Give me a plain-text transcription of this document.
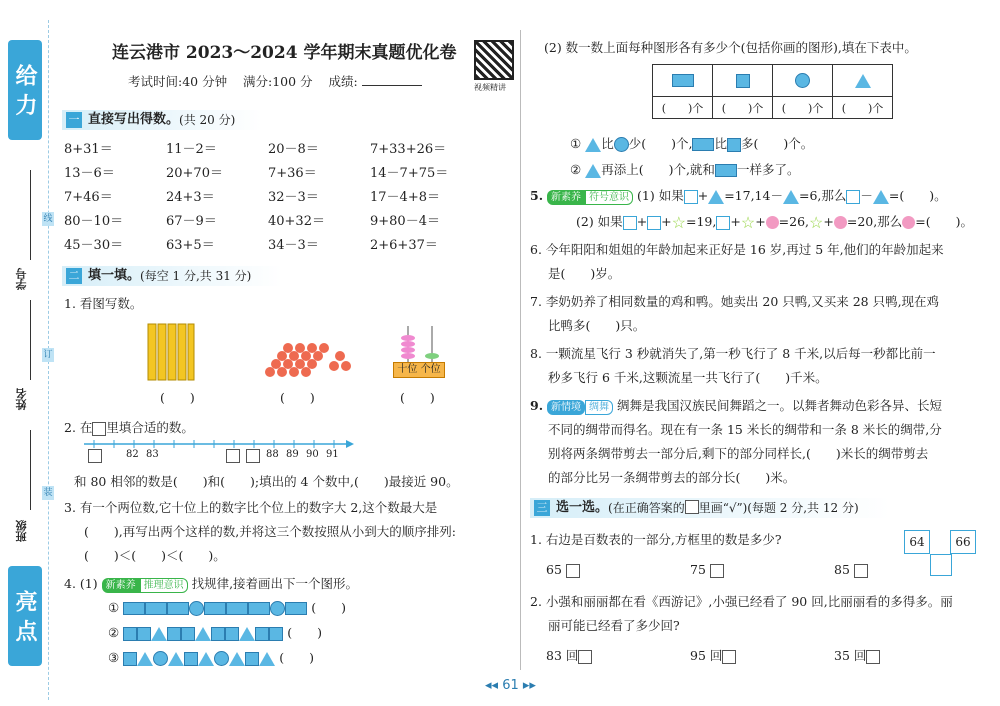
给 力
亮 点
学号
姓名
班级
线
订
装
连云港市 2023～2024 学年期末真题优化卷
考试时间:40 分钟 满分:100 分 成绩:	视频精讲
一 直接写出得数。(共 20 分)
8+31＝	11－2＝	20－8＝	7+33+26＝
13－6＝	20+70＝	7+36＝	14－7+75＝
7+46＝	24+3＝	32－3＝	17－4+8＝
80－10＝	67－9＝	40+32＝	9+80－4＝
45－30＝	63+5＝	34－3＝	2+6+37＝
二 填一填。(每空 1 分,共 31 分)
1. 看图写数。
十位 个位
(　　)	(　　)	(　　)
2. 在 里填合适的数。
82 83	88 89 90 91
和 80 相邻的数是(　　)和(　　);填出的 4 个数中,(　　)最接近 90。
3. 有一个两位数,它十位上的数字比个位上的数字大 2,这个数最大是
(　　),再写出两个这样的数,并将这三个数按照从小到大的顺序排列:
(　　)＜(　　)＜(　　)。
4. (1) 新素养 推理意识 找规律,接着画出下一个图形。
①	(　　)
②	(　　)
③	(　　)
(2) 数一数上面每种图形各有多少个(包括你画的图形),填在下表中。

(　　)个	(　　)个	(　　)个	(　　)个
① 比 少(　　)个, 比 多(　　)个。
② 再添上(　　)个,就和 一样多了。
5. 新素养 符号意识 (1) 如果 + =17,14－ =6,那么 － =(　　)。
(2) 如果 + +☆=19, +☆+ =26,☆+ =20,那么 =(　　)。
6. 今年阳阳和姐姐的年龄加起来正好是 16 岁,再过 5 年,他们的年龄加起来
是(　　)岁。
7. 李奶奶养了相同数量的鸡和鸭。她卖出 20 只鸭,又买来 28 只鸭,现在鸡
比鸭多(　　)只。
8. 一颗流星飞行 3 秒就消失了,第一秒飞行了 8 千米,以后每一秒都比前一
秒多飞行 6 千米,这颗流星一共飞行了(　　)千米。
9. 新情境 绸舞 绸舞是我国汉族民间舞蹈之一。以舞者舞动色彩各异、长短
不同的绸带而得名。现在有一条 15 米长的绸带和一条 8 米长的绸带,分
别将两条绸带剪去一部分后,剩下的部分同样长,(　　)米长的绸带剪去
的部分比另一条绸带剪去的部分长(　　)米。
三 选一选。(在正确答案的 里画“√”)(每题 2 分,共 12 分)
1. 右边是百数表的一部分,方框里的数是多少?	64	66
65	75	85
2. 小强和丽丽都在看《西游记》,小强已经看了 90 回,比丽丽看的多得多。丽
丽可能已经看了多少回?
83 回	95 回	35 回
◂◂ 61 ▸▸
